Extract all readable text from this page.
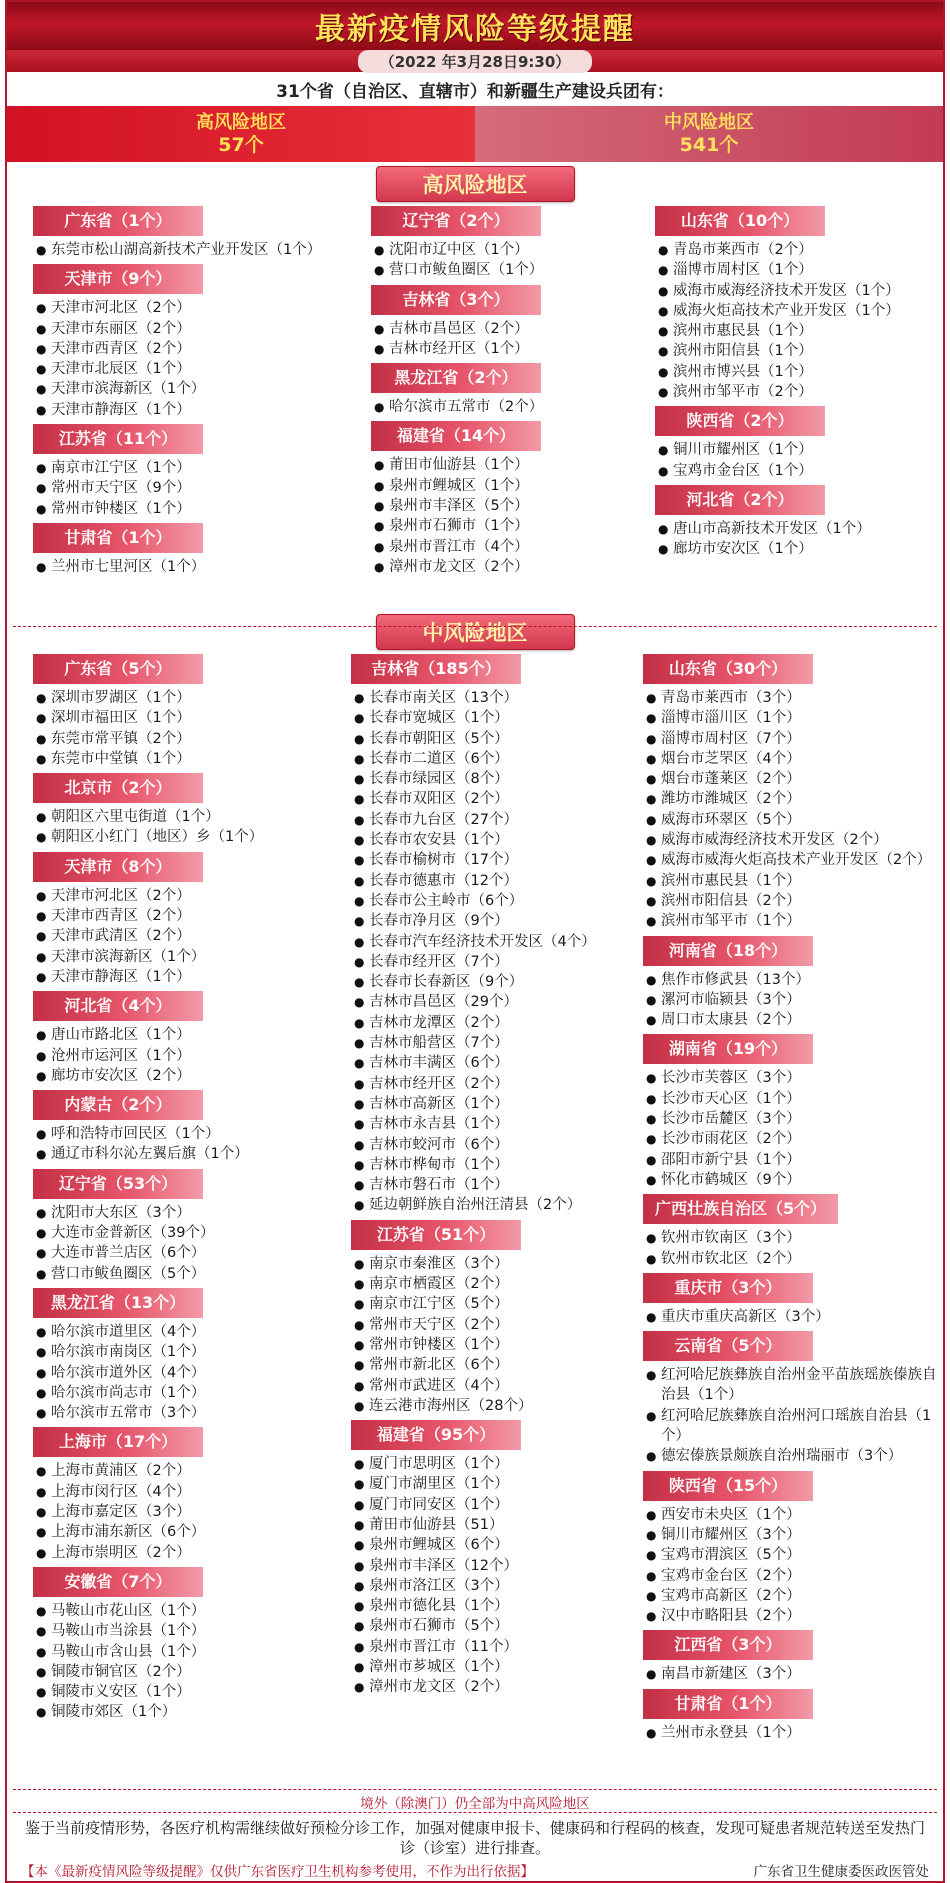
最新疫情风险等级提醒
（2022 年3月28日9:30）
31个省（自治区、直辖市）和新疆生产建设兵团有：
高风险地区
57个
中风险地区
541个
高风险地区
广东省（1个）
● 东莞市松山湖高新技术产业开发区（1个）
天津市（9个）
● 天津市河北区（2个）
● 天津市东丽区（2个）
● 天津市西青区（2个）
● 天津市北辰区（1个）
● 天津市滨海新区（1个）
● 天津市静海区（1个）
江苏省（11个）
● 南京市江宁区（1个）
● 常州市天宁区（9个）
● 常州市钟楼区（1个）
甘肃省（1个）
● 兰州市七里河区（1个）
辽宁省（2个）
● 沈阳市辽中区（1个）
● 营口市鲅鱼圈区（1个）
吉林省（3个）
● 吉林市昌邑区（2个）
● 吉林市经开区（1个）
黑龙江省（2个）
● 哈尔滨市五常市（2个）
福建省（14个）
● 莆田市仙游县（1个）
● 泉州市鲤城区（1个）
● 泉州市丰泽区（5个）
● 泉州市石狮市（1个）
● 泉州市晋江市（4个）
● 漳州市龙文区（2个）
山东省（10个）
● 青岛市莱西市（2个）
● 淄博市周村区（1个）
● 威海市威海经济技术开发区（1个）
● 威海火炬高技术产业开发区（1个）
● 滨州市惠民县（1个）
● 滨州市阳信县（1个）
● 滨州市博兴县（1个）
● 滨州市邹平市（2个）
陕西省（2个）
● 铜川市耀州区（1个）
● 宝鸡市金台区（1个）
河北省（2个）
● 唐山市高新技术开发区（1个）
● 廊坊市安次区（1个）
中风险地区
广东省（5个）
● 深圳市罗湖区（1个）
● 深圳市福田区（1个）
● 东莞市常平镇（2个）
● 东莞市中堂镇（1个）
北京市（2个）
● 朝阳区六里屯街道（1个）
● 朝阳区小红门（地区）乡（1个）
天津市（8个）
● 天津市河北区（2个）
● 天津市西青区（2个）
● 天津市武清区（2个）
● 天津市滨海新区（1个）
● 天津市静海区（1个）
河北省（4个）
● 唐山市路北区（1个）
● 沧州市运河区（1个）
● 廊坊市安次区（2个）
内蒙古（2个）
● 呼和浩特市回民区（1个）
● 通辽市科尔沁左翼后旗（1个）
辽宁省（53个）
● 沈阳市大东区（3个）
● 大连市金普新区（39个）
● 大连市普兰店区（6个）
● 营口市鲅鱼圈区（5个）
黑龙江省（13个）
● 哈尔滨市道里区（4个）
● 哈尔滨市南岗区（1个）
● 哈尔滨市道外区（4个）
● 哈尔滨市尚志市（1个）
● 哈尔滨市五常市（3个）
上海市（17个）
● 上海市黄浦区（2个）
● 上海市闵行区（4个）
● 上海市嘉定区（3个）
● 上海市浦东新区（6个）
● 上海市崇明区（2个）
安徽省（7个）
● 马鞍山市花山区（1个）
● 马鞍山市当涂县（1个）
● 马鞍山市含山县（1个）
● 铜陵市铜官区（2个）
● 铜陵市义安区（1个）
● 铜陵市郊区（1个）
吉林省（185个）
● 长春市南关区（13个）
● 长春市宽城区（1个）
● 长春市朝阳区（5个）
● 长春市二道区（6个）
● 长春市绿园区（8个）
● 长春市双阳区（2个）
● 长春市九台区（27个）
● 长春市农安县（1个）
● 长春市榆树市（17个）
● 长春市德惠市（12个）
● 长春市公主岭市（6个）
● 长春市净月区（9个）
● 长春市汽车经济技术开发区（4个）
● 长春市经开区（7个）
● 长春市长春新区（9个）
● 吉林市昌邑区（29个）
● 吉林市龙潭区（2个）
● 吉林市船营区（7个）
● 吉林市丰满区（6个）
● 吉林市经开区（2个）
● 吉林市高新区（1个）
● 吉林市永吉县（1个）
● 吉林市蛟河市（6个）
● 吉林市桦甸市（1个）
● 吉林市磐石市（1个）
● 延边朝鲜族自治州汪清县（2个）
江苏省（51个）
● 南京市秦淮区（3个）
● 南京市栖霞区（2个）
● 南京市江宁区（5个）
● 常州市天宁区（2个）
● 常州市钟楼区（1个）
● 常州市新北区（6个）
● 常州市武进区（4个）
● 连云港市海州区（28个）
福建省（95个）
● 厦门市思明区（1个）
● 厦门市湖里区（1个）
● 厦门市同安区（1个）
● 莆田市仙游县（51）
● 泉州市鲤城区（6个）
● 泉州市丰泽区（12个）
● 泉州市洛江区（3个）
● 泉州市德化县（1个）
● 泉州市石狮市（5个）
● 泉州市晋江市（11个）
● 漳州市芗城区（1个）
● 漳州市龙文区（2个）
山东省（30个）
● 青岛市莱西市（3个）
● 淄博市淄川区（1个）
● 淄博市周村区（7个）
● 烟台市芝罘区（4个）
● 烟台市蓬莱区（2个）
● 潍坊市潍城区（2个）
● 威海市环翠区（5个）
● 威海市威海经济技术开发区（2个）
● 威海市威海火炬高技术产业开发区（2个）
● 滨州市惠民县（1个）
● 滨州市阳信县（2个）
● 滨州市邹平市（1个）
河南省（18个）
● 焦作市修武县（13个）
● 漯河市临颍县（3个）
● 周口市太康县（2个）
湖南省（19个）
● 长沙市芙蓉区（3个）
● 长沙市天心区（1个）
● 长沙市岳麓区（3个）
● 长沙市雨花区（2个）
● 邵阳市新宁县（1个）
● 怀化市鹤城区（9个）
广西壮族自治区（5个）
● 钦州市钦南区（3个）
● 钦州市钦北区（2个）
重庆市（3个）
● 重庆市重庆高新区（3个）
云南省（5个）
● 红河哈尼族彝族自治州金平苗族瑶族傣族自治县（1个）
● 红河哈尼族彝族自治州河口瑶族自治县（1个）
● 德宏傣族景颇族自治州瑞丽市（3个）
陕西省（15个）
● 西安市未央区（1个）
● 铜川市耀州区（3个）
● 宝鸡市渭滨区（5个）
● 宝鸡市金台区（2个）
● 宝鸡市高新区（2个）
● 汉中市略阳县（2个）
江西省（3个）
● 南昌市新建区（3个）
甘肃省（1个）
● 兰州市永登县（1个）
境外（除澳门）仍全部为中高风险地区
鉴于当前疫情形势，各医疗机构需继续做好预检分诊工作，加强对健康申报卡、健康码和行程码的核查，发现可疑患者规范转送至发热门诊（诊室）进行排查。
【本《最新疫情风险等级提醒》仅供广东省医疗卫生机构参考使用，不作为出行依据】	广东省卫生健康委医政医管处
